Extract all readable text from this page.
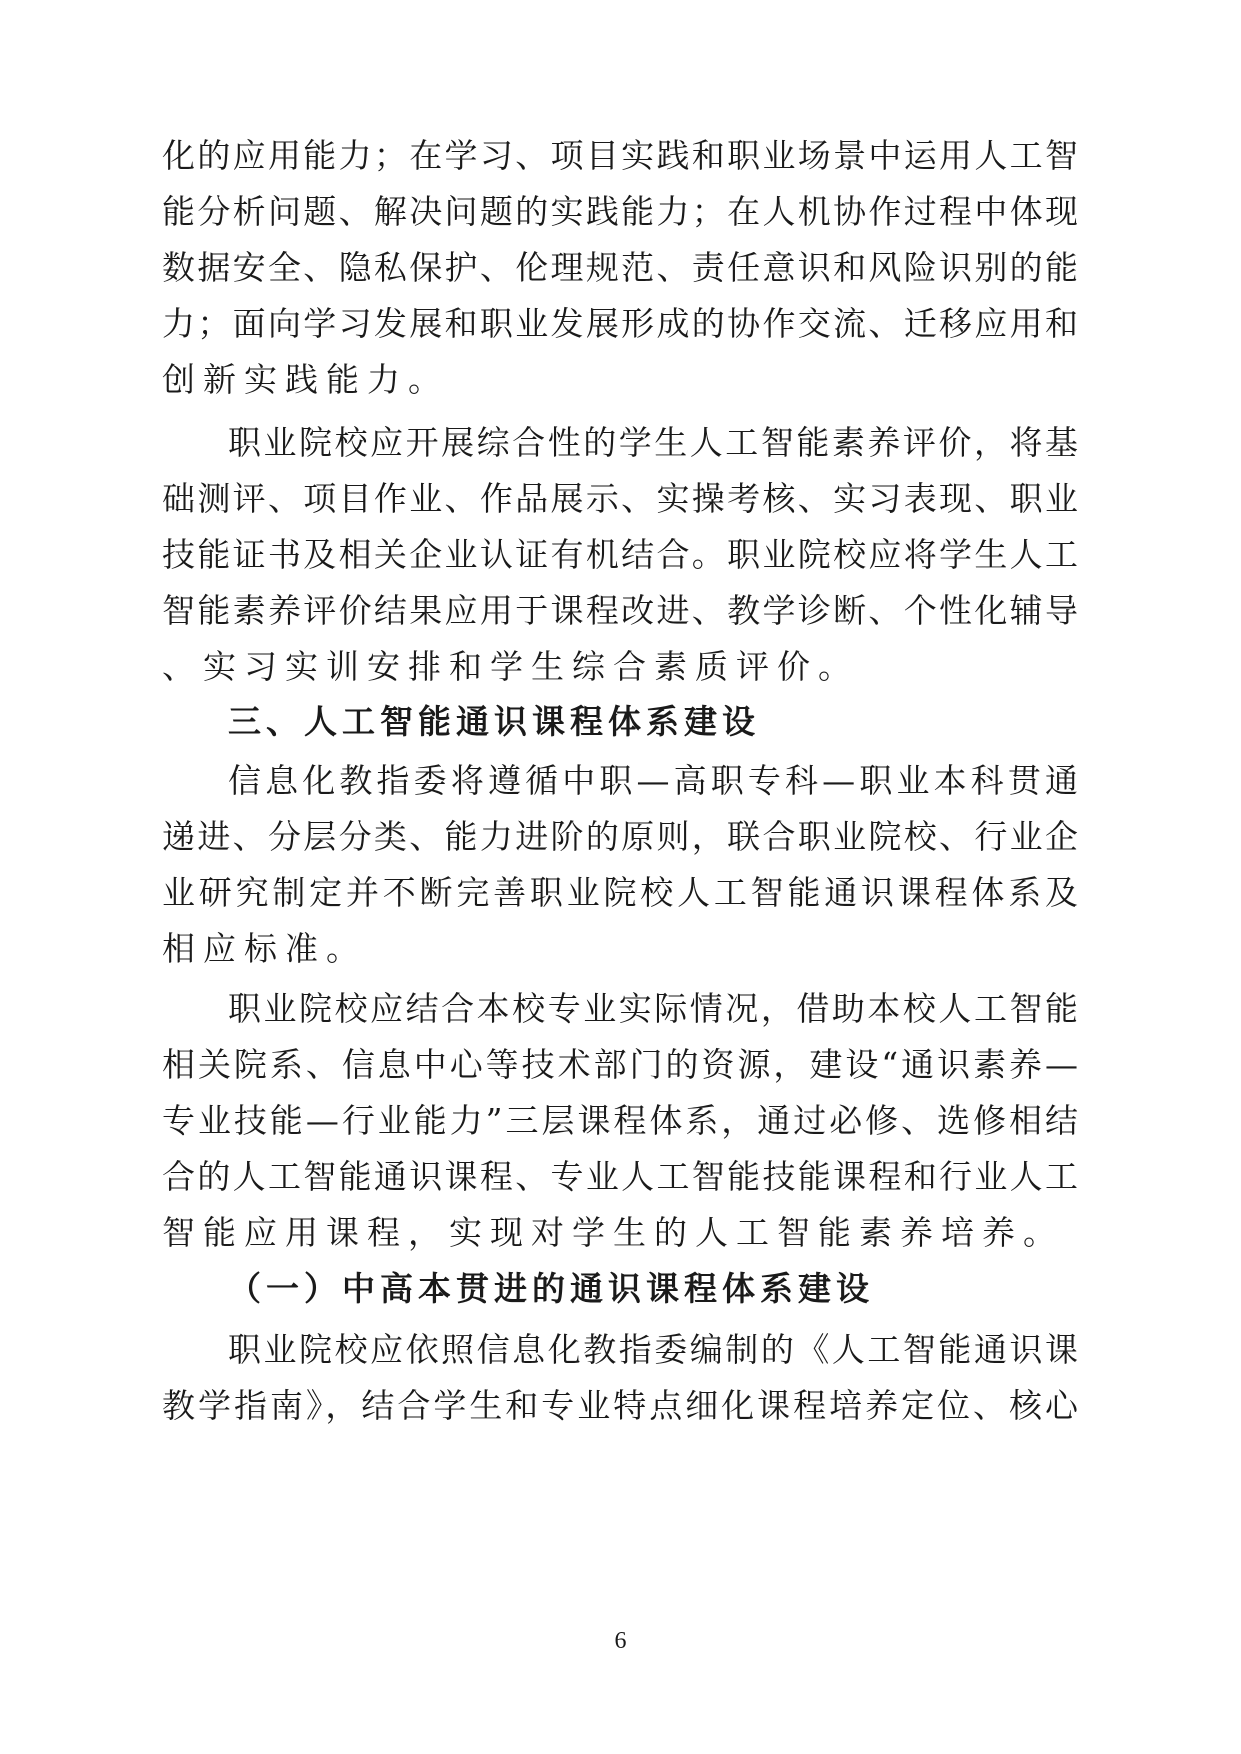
化的应用能力；在学习、项目实践和职业场景中运用人工智
能分析问题、解决问题的实践能力；在人机协作过程中体现
数据安全、隐私保护、伦理规范、责任意识和风险识别的能
力；面向学习发展和职业发展形成的协作交流、迁移应用和
创新实践能力。
职业院校应开展综合性的学生人工智能素养评价，将基
础测评、项目作业、作品展示、实操考核、实习表现、职业
技能证书及相关企业认证有机结合。职业院校应将学生人工
智能素养评价结果应用于课程改进、教学诊断、个性化辅导
、实习实训安排和学生综合素质评价。
三、人工智能通识课程体系建设
信息化教指委将遵循中职—高职专科—职业本科贯通
递进、分层分类、能力进阶的原则，联合职业院校、行业企
业研究制定并不断完善职业院校人工智能通识课程体系及
相应标准。
职业院校应结合本校专业实际情况，借助本校人工智能
相关院系、信息中心等技术部门的资源，建设“通识素养—
专业技能—行业能力”三层课程体系，通过必修、选修相结
合的人工智能通识课程、专业人工智能技能课程和行业人工
智能应用课程，实现对学生的人工智能素养培养。
（一）中高本贯进的通识课程体系建设
职业院校应依照信息化教指委编制的《人工智能通识课
教学指南》，结合学生和专业特点细化课程培养定位、核心
6
